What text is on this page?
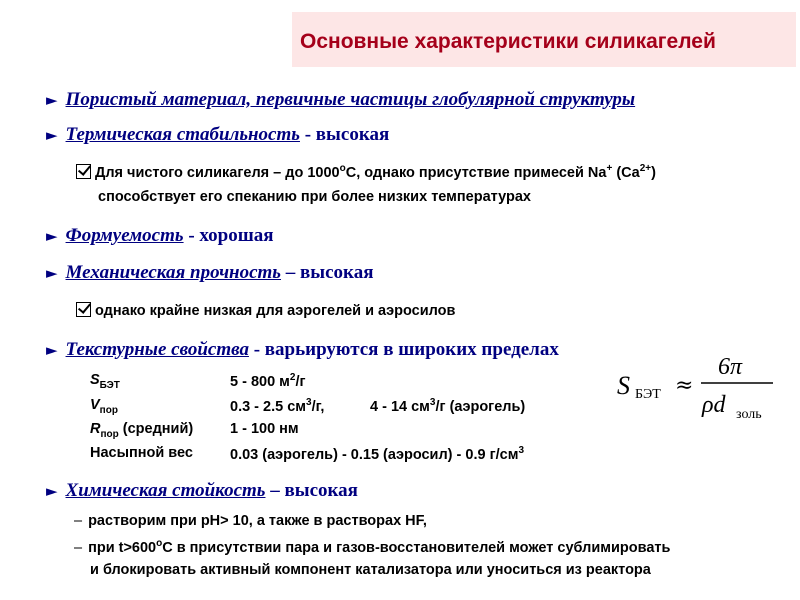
Основные характеристики силикагелей
► Пористый материал, первичные частицы глобулярной структуры
► Термическая стабильность - высокая
Для чистого силикагеля – до $1000^оС$, однако присутствие примесей Na+ $(Ca^{2+})$
способствует его спеканию при более низких температурах
► Формуемость - хорошая
► Механическая прочность – высокая
однако крайне низкая для аэрогелей и аэросилов
► Текстурные свойства - варьируются в широких пределах
$S_{БЭТ}$	5 - 800 $м^2/г$
$V_{пор}$	0.3 - 2.5 $см^3/г$,	4 - 14 $см^3/г$ (аэрогель)
$R_{пор}$ (средний)	1 - 100 нм
Насыпной вес	0.03 (аэрогель) - 0.15 (аэросил) - 0.9 $г/см^3$
S БЭТ ≈
6π
ρd золь
► Химическая стойкость – высокая
– растворим при pH> 10, а также в растворах HF,
– при $t>600^оС$ в присутствии пара и газов-восстановителей может сублимировать
и блокировать активный компонент катализатора или уноситься из реактора
